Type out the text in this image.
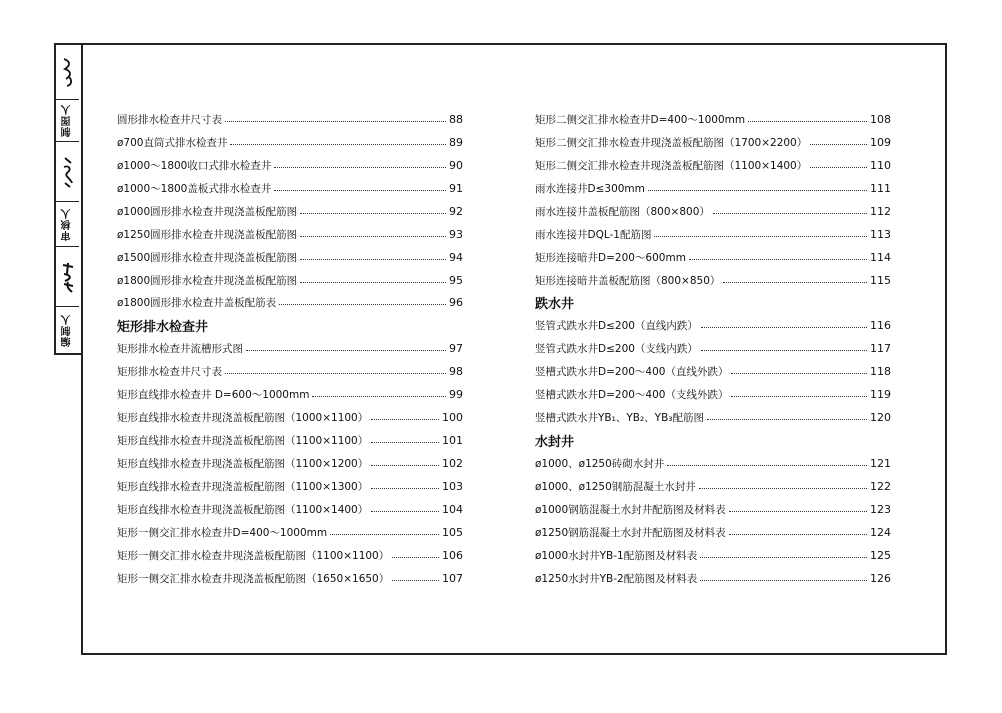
制图人
审核人
编制人
圆形排水检查井尺寸表	88
ø700直筒式排水检查井	89
ø1000～1800收口式排水检查井	90
ø1000～1800盖板式排水检查井	91
ø1000圆形排水检查井现浇盖板配筋图	92
ø1250圆形排水检查井现浇盖板配筋图	93
ø1500圆形排水检查井现浇盖板配筋图	94
ø1800圆形排水检查井现浇盖板配筋图	95
ø1800圆形排水检查井盖板配筋表	96
矩形排水检查井
矩形排水检查井流槽形式图	97
矩形排水检查井尺寸表	98
矩形直线排水检查井 D=600～1000mm	99
矩形直线排水检查井现浇盖板配筋图（1000×1100）	100
矩形直线排水检查井现浇盖板配筋图（1100×1100）	101
矩形直线排水检查井现浇盖板配筋图（1100×1200）	102
矩形直线排水检查井现浇盖板配筋图（1100×1300）	103
矩形直线排水检查井现浇盖板配筋图（1100×1400）	104
矩形一侧交汇排水检查井D=400～1000mm	105
矩形一侧交汇排水检查井现浇盖板配筋图（1100×1100）	106
矩形一侧交汇排水检查井现浇盖板配筋图（1650×1650）	107
矩形二侧交汇排水检查井D=400～1000mm	108
矩形二侧交汇排水检查井现浇盖板配筋图（1700×2200）	109
矩形二侧交汇排水检查井现浇盖板配筋图（1100×1400）	110
雨水连接井D≤300mm	111
雨水连接井盖板配筋图（800×800）	112
雨水连接井DQL-1配筋图	113
矩形连接暗井D=200～600mm	114
矩形连接暗井盖板配筋图（800×850）	115
跌水井
竖管式跌水井D≤200（直线内跌）	116
竖管式跌水井D≤200（支线内跌）	117
竖槽式跌水井D=200～400（直线外跌）	118
竖槽式跌水井D=200～400（支线外跌）	119
竖槽式跌水井YB₁、YB₂、YB₃配筋图	120
水封井
ø1000、ø1250砖砌水封井	121
ø1000、ø1250钢筋混凝土水封井	122
ø1000钢筋混凝土水封井配筋图及材料表	123
ø1250钢筋混凝土水封井配筋图及材料表	124
ø1000水封井YB-1配筋图及材料表	125
ø1250水封井YB-2配筋图及材料表	126
